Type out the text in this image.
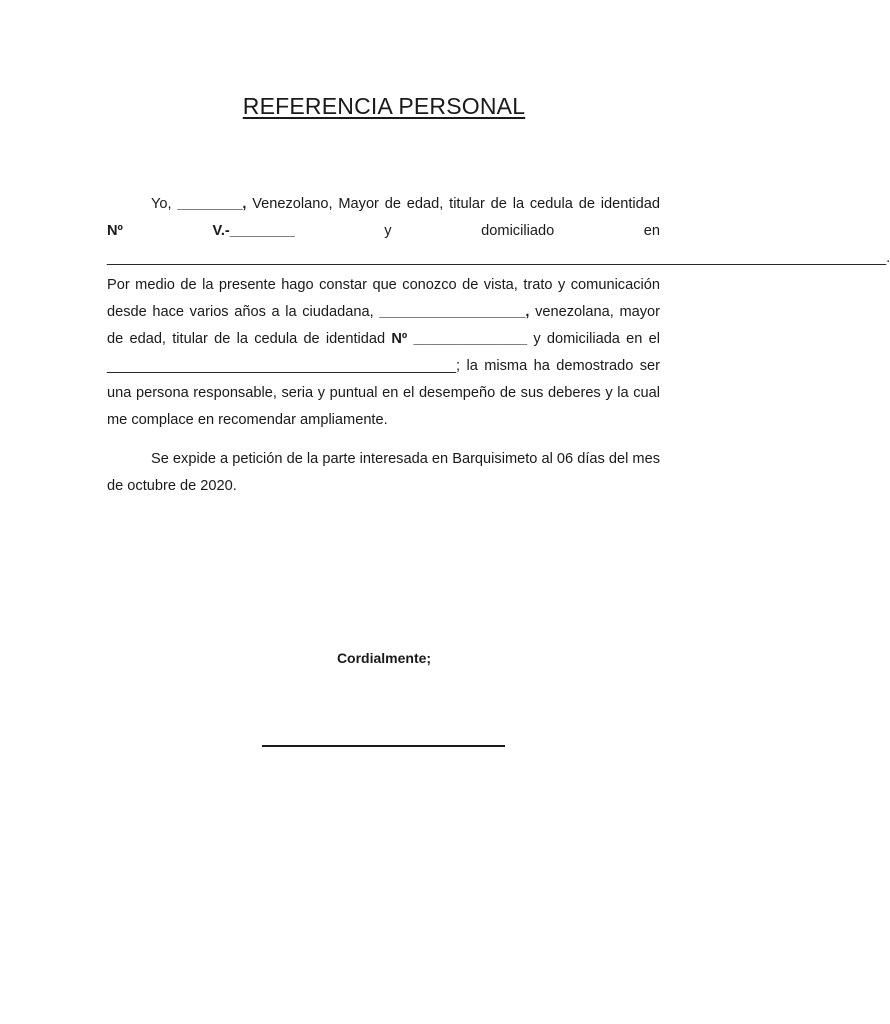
REFERENCIA PERSONAL

Yo, ________, Venezolano, Mayor de edad, titular de la cedula de identidad Nº	V.-________ y domiciliado en ________________________________________________________________________________________________. Por medio de la presente hago constar que conozco de vista, trato y comunicación desde hace varios años a la ciudadana, __________________, venezolana, mayor de edad, titular de la cedula de identidad Nº ______________ y domiciliada en el ___________________________________________; la misma ha demostrado ser una persona responsable, seria y puntual en el desempeño de sus deberes y la cual me complace en recomendar ampliamente.

Se expide a petición de la parte interesada en Barquisimeto al 06 días del mes de octubre de 2020.

Cordialmente;
